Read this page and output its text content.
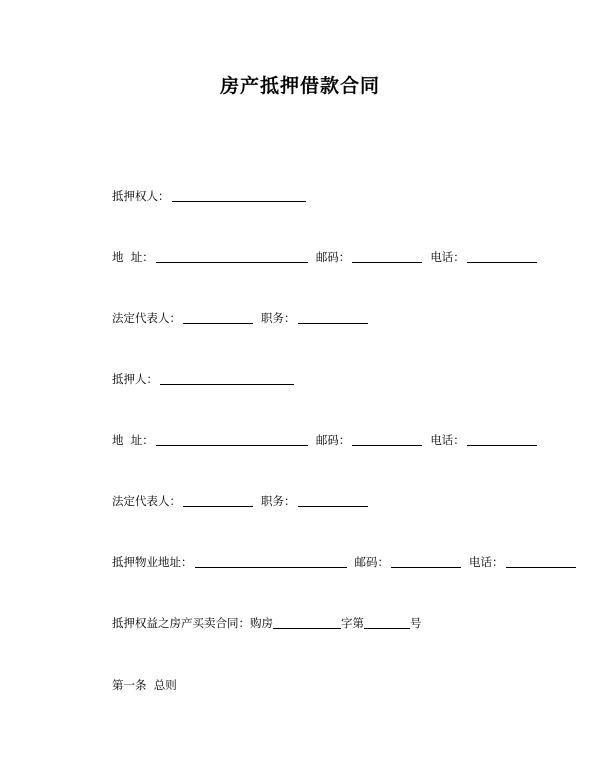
房产抵押借款合同
抵押权人：
地  址：	邮码：	电话：
法定代表人：	职务：
抵押人：
地  址：	邮码：	电话：
法定代表人：	职务：
抵押物业地址：	邮码：	电话：
抵押权益之房产买卖合同：购房	字第	号
第一条  总则
